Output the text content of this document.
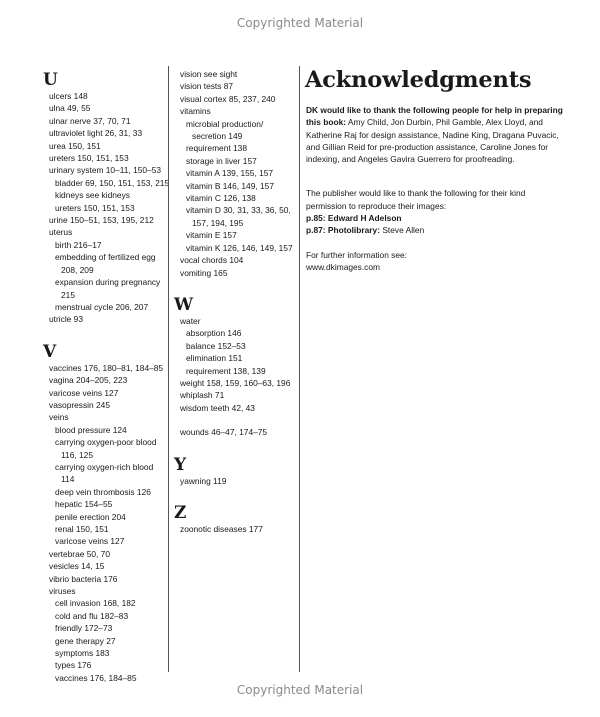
Copyrighted Material
U
ulcers 148
ulna 49, 55
ulnar nerve 37, 70, 71
ultraviolet light 26, 31, 33
urea 150, 151
ureters 150, 151, 153
urinary system 10–11, 150–53
bladder 69, 150, 151, 153, 215
kidneys see kidneys
ureters 150, 151, 153
urine 150–51, 153, 195, 212
uterus
birth 216–17
embedding of fertilized egg
208, 209
expansion during pregnancy
215
menstrual cycle 206, 207
utricle 93
V
vaccines 176, 180–81, 184–85
vagina 204–205, 223
varicose veins 127
vasopressin 245
veins
blood pressure 124
carrying oxygen-poor blood
116, 125
carrying oxygen-rich blood
114
deep vein thrombosis 126
hepatic 154–55
penile erection 204
renal 150, 151
varicose veins 127
vertebrae 50, 70
vesicles 14, 15
vibrio bacteria 176
viruses
cell invasion 168, 182
cold and flu 182–83
friendly 172–73
gene therapy 27
symptoms 183
types 176
vaccines 176, 184–85
vision see sight
vision tests 87
visual cortex 85, 237, 240
vitamins
microbial production/
secretion 149
requirement 138
storage in liver 157
vitamin A 139, 155, 157
vitamin B 146, 149, 157
vitamin C 126, 138
vitamin D 30, 31, 33, 36, 50,
157, 194, 195
vitamin E 157
vitamin K 126, 146, 149, 157
vocal chords 104
vomiting 165
W
water
absorption 146
balance 152–53
elimination 151
requirement 138, 139
weight 158, 159, 160–63, 196
whiplash 71
wisdom teeth 42, 43
wounds 46–47, 174–75
Y
yawning 119
Z
zoonotic diseases 177
Acknowledgments

DK would like to thank the following people for help in preparing this book: Amy Child, Jon Durbin, Phil Gamble, Alex Lloyd, and Katherine Raj for design assistance, Nadine King, Dragana Puvacic, and Gillian Reid for pre-production assistance, Caroline Jones for indexing, and Angeles Gavira Guerrero for proofreading.

The publisher would like to thank the following for their kind permission to reproduce their images:
p.85: Edward H Adelson
p.87: Photolibrary: Steve Allen

For further information see:
www.dkimages.com

Copyrighted Material
